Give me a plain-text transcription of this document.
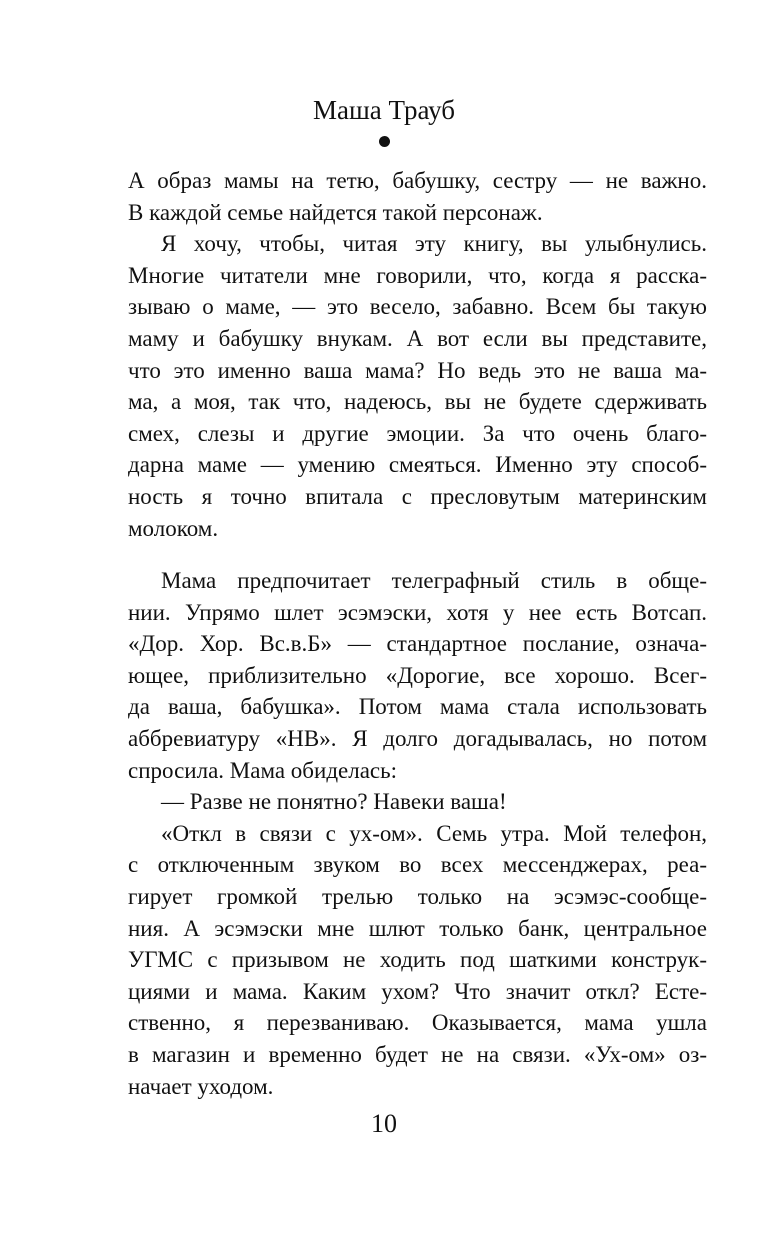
Маша Трауб
А образ мамы на тетю, бабушку, сестру — не важно.
В каждой семье найдется такой персонаж.
Я хочу, чтобы, читая эту книгу, вы улыбнулись.
Многие читатели мне говорили, что, когда я расска-
зываю о маме, — это весело, забавно. Всем бы такую
маму и бабушку внукам. А вот если вы представите,
что это именно ваша мама? Но ведь это не ваша ма-
ма, а моя, так что, надеюсь, вы не будете сдерживать
смех, слезы и другие эмоции. За что очень благо-
дарна маме — умению смеяться. Именно эту способ-
ность я точно впитала с пресловутым материнским
молоком.
Мама предпочитает телеграфный стиль в обще-
нии. Упрямо шлет эсэмэски, хотя у нее есть Вотсап.
«Дор. Хор. Вс.в.Б» — стандартное послание, означа-
ющее, приблизительно «Дорогие, все хорошо. Всег-
да ваша, бабушка». Потом мама стала использовать
аббревиатуру «НВ». Я долго догадывалась, но потом
спросила. Мама обиделась:
— Разве не понятно? Навеки ваша!
«Откл в связи с ух-ом». Семь утра. Мой телефон,
с отключенным звуком во всех мессенджерах, реа-
гирует громкой трелью только на эсэмэс-сообще-
ния. А эсэмэски мне шлют только банк, центральное
УГМС с призывом не ходить под шаткими конструк-
циями и мама. Каким ухом? Что значит откл? Есте-
ственно, я перезваниваю. Оказывается, мама ушла
в магазин и временно будет не на связи. «Ух-ом» оз-
начает уходом.
10
